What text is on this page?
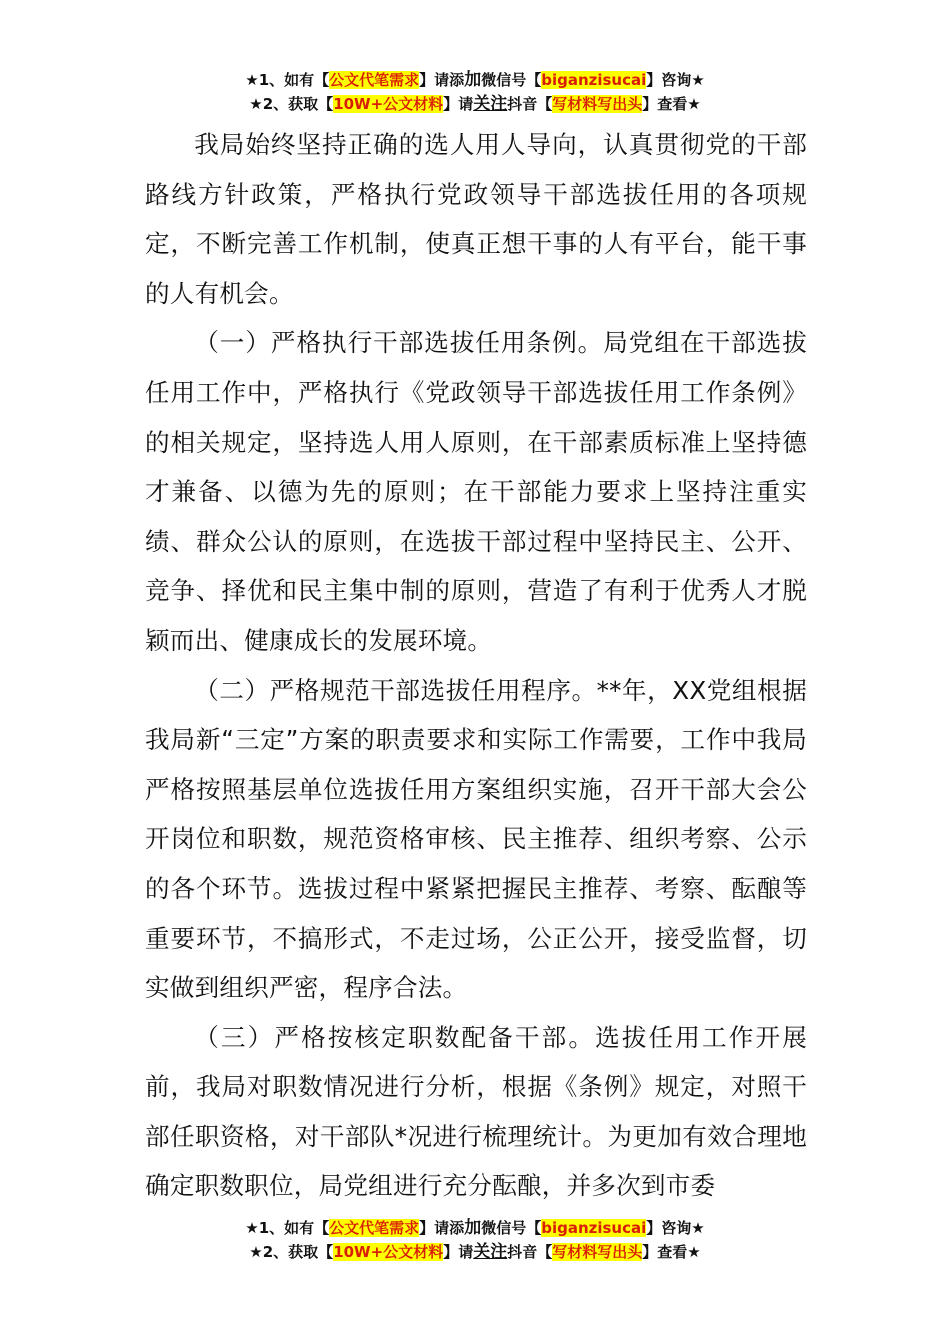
★1、如有【公文代笔需求】请添加微信号【biganzisucai】咨询★
★2、获取【10W+公文材料】请关注抖音【写材料写出头】查看★

我局始终坚持正确的选人用人导向，认真贯彻党的干部路线方针政策，严格执行党政领导干部选拔任用的各项规定，不断完善工作机制，使真正想干事的人有平台，能干事的人有机会。

（一）严格执行干部选拔任用条例。局党组在干部选拔任用工作中，严格执行《党政领导干部选拔任用工作条例》的相关规定，坚持选人用人原则，在干部素质标准上坚持德才兼备、以德为先的原则；在干部能力要求上坚持注重实绩、群众公认的原则，在选拔干部过程中坚持民主、公开、竞争、择优和民主集中制的原则，营造了有利于优秀人才脱颖而出、健康成长的发展环境。

（二）严格规范干部选拔任用程序。**年，XX党组根据我局新“三定”方案的职责要求和实际工作需要，工作中我局严格按照基层单位选拔任用方案组织实施，召开干部大会公开岗位和职数，规范资格审核、民主推荐、组织考察、公示的各个环节。选拔过程中紧紧把握民主推荐、考察、酝酿等重要环节，不搞形式，不走过场，公正公开，接受监督，切实做到组织严密，程序合法。

（三）严格按核定职数配备干部。选拔任用工作开展前，我局对职数情况进行分析，根据《条例》规定，对照干部任职资格，对干部队*况进行梳理统计。为更加有效合理地确定职数职位，局党组进行充分酝酿，并多次到市委

★1、如有【公文代笔需求】请添加微信号【biganzisucai】咨询★
★2、获取【10W+公文材料】请关注抖音【写材料写出头】查看★
